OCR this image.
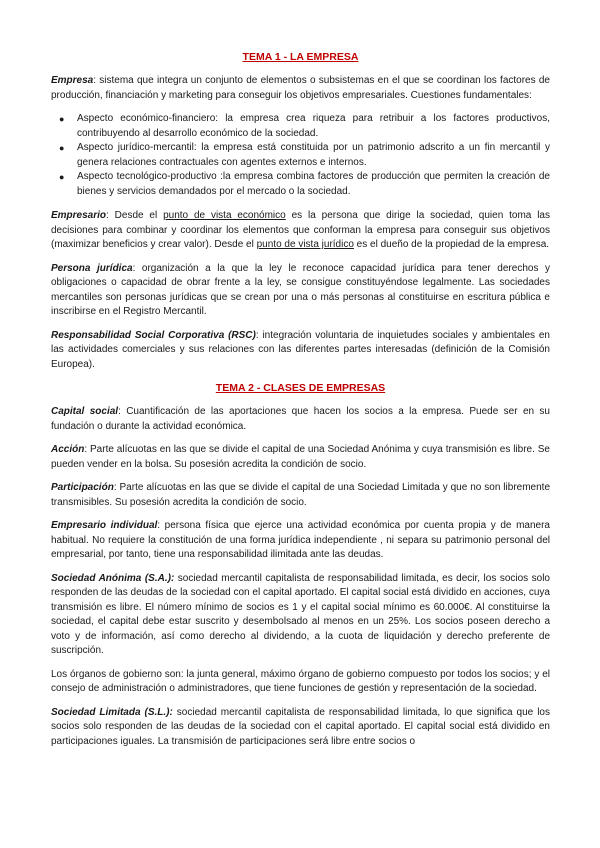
TEMA 1 - LA EMPRESA

Empresa: sistema que integra un conjunto de elementos o subsistemas en el que se coordinan los factores de producción, financiación y marketing para conseguir los objetivos empresariales. Cuestiones fundamentales:

● Aspecto económico-financiero: la empresa crea riqueza para retribuir a los factores productivos, contribuyendo al desarrollo económico de la sociedad.
● Aspecto jurídico-mercantil: la empresa está constituida por un patrimonio adscrito a un fin mercantil y genera relaciones contractuales con agentes externos e internos.
● Aspecto tecnológico-productivo :la empresa combina factores de producción que permiten la creación de bienes y servicios demandados por el mercado o la sociedad.

Empresario: Desde el punto de vista económico es la persona que dirige la sociedad, quien toma las decisiones para combinar y coordinar los elementos que conforman la empresa para conseguir sus objetivos (maximizar beneficios y crear valor). Desde el punto de vista jurídico es el dueño de la propiedad de la empresa.

Persona jurídica: organización a la que la ley le reconoce capacidad jurídica para tener derechos y obligaciones o capacidad de obrar frente a la ley, se consigue constituyéndose legalmente. Las sociedades mercantiles son personas jurídicas que se crean por una o más personas al constituirse en escritura pública e inscribirse en el Registro Mercantil.

Responsabilidad Social Corporativa (RSC): integración voluntaria de inquietudes sociales y ambientales en las actividades comerciales y sus relaciones con las diferentes partes interesadas (definición de la Comisión Europea).

TEMA 2 - CLASES DE EMPRESAS

Capital social: Cuantificación de las aportaciones que hacen los socios a la empresa. Puede ser en su fundación o durante la actividad económica.

Acción: Parte alícuotas en las que se divide el capital de una Sociedad Anónima y cuya transmisión es libre. Se pueden vender en la bolsa. Su posesión acredita la condición de socio.

Participación: Parte alícuotas en las que se divide el capital de una Sociedad Limitada y que no son libremente transmisibles. Su posesión acredita la condición de socio.

Empresario individual: persona física que ejerce una actividad económica por cuenta propia y de manera habitual. No requiere la constitución de una forma jurídica independiente , ni separa su patrimonio personal del empresarial, por tanto, tiene una responsabilidad ilimitada ante las deudas.

Sociedad Anónima (S.A.): sociedad mercantil capitalista de responsabilidad limitada, es decir, los socios solo responden de las deudas de la sociedad con el capital aportado. El capital social está dividido en acciones, cuya transmisión es libre. El número mínimo de socios es 1 y el capital social mínimo es 60.000€. Al constituirse la sociedad, el capital debe estar suscrito y desembolsado al menos en un 25%. Los socios poseen derecho a voto y de información, así como derecho al dividendo, a la cuota de liquidación y derecho preferente de suscripción.

Los órganos de gobierno son: la junta general, máximo órgano de gobierno compuesto por todos los socios; y el consejo de administración o administradores, que tiene funciones de gestión y representación de la sociedad.

Sociedad Limitada (S.L.): sociedad mercantil capitalista de responsabilidad limitada, lo que significa que los socios solo responden de las deudas de la sociedad con el capital aportado. El capital social está dividido en participaciones iguales. La transmisión de participaciones será libre entre socios o
